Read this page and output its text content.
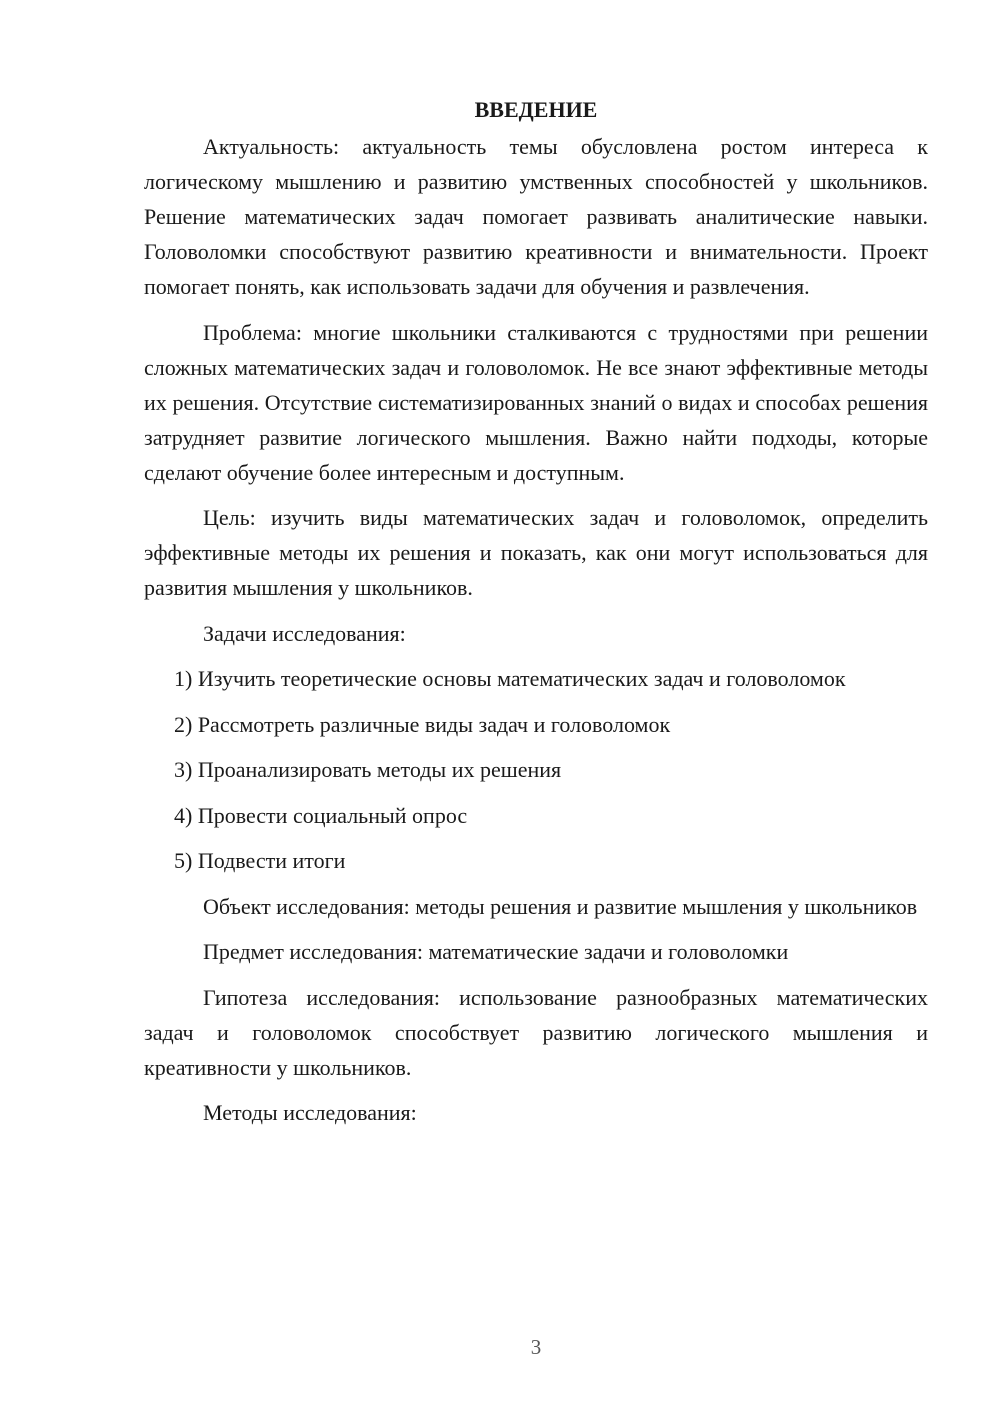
ВВЕДЕНИЕ

Актуальность: актуальность темы обусловлена ростом интереса к логическому мышлению и развитию умственных способностей у школьников. Решение математических задач помогает развивать аналитические навыки. Головоломки способствуют развитию креативности и внимательности. Проект помогает понять, как использовать задачи для обучения и развлечения.

Проблема: многие школьники сталкиваются с трудностями при решении сложных математических задач и головоломок. Не все знают эффективные методы их решения. Отсутствие систематизированных знаний о видах и способах решения затрудняет развитие логического мышления. Важно найти подходы, которые сделают обучение более интересным и доступным.

Цель: изучить виды математических задач и головоломок, определить эффективные методы их решения и показать, как они могут использоваться для развития мышления у школьников.

Задачи исследования:

1) Изучить теоретические основы математических задач и головоломок

2) Рассмотреть различные виды задач и головоломок

3) Проанализировать методы их решения

4) Провести социальный опрос

5) Подвести итоги

Объект исследования: методы решения и развитие мышления у школьников

Предмет исследования: математические задачи и головоломки

Гипотеза исследования: использование разнообразных математических задач и головоломок способствует развитию логического мышления и креативности у школьников.

Методы исследования:

3
